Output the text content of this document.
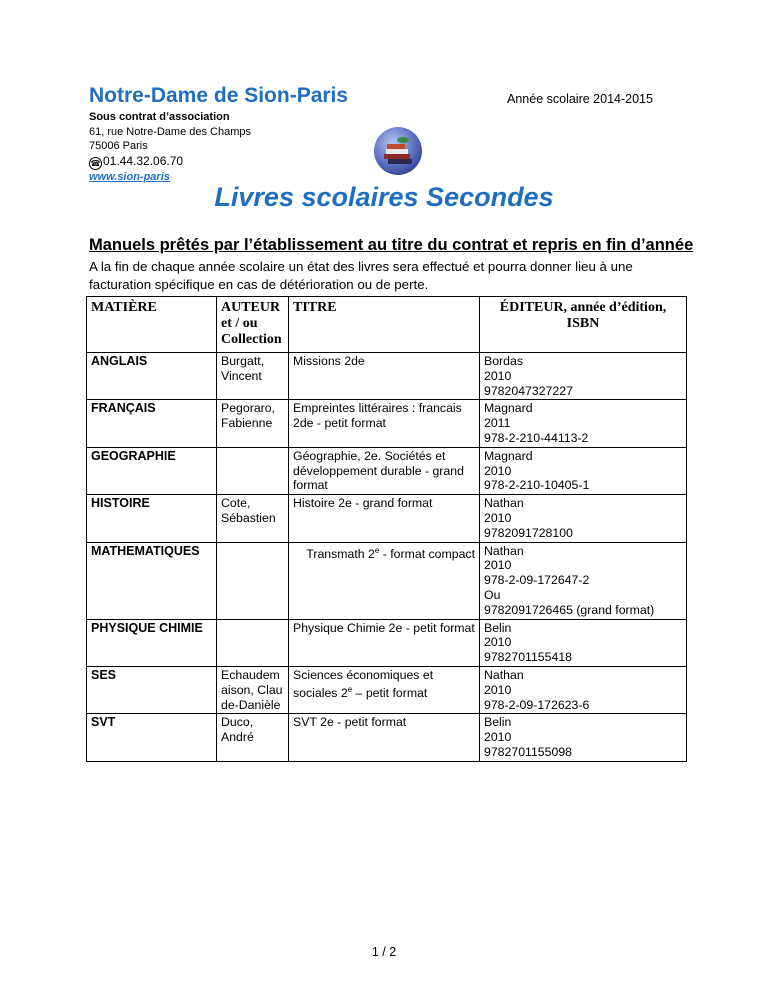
Notre-Dame de Sion-Paris	Année scolaire 2014-2015
Sous contrat d’association
61, rue Notre-Dame des Champs
75006 Paris
☎ 01.44.32.06.70
www.sion-paris
Livres scolaires Secondes
Manuels prêtés par l’établissement au titre du contrat et repris en fin d’année
A la fin de chaque année scolaire un état des livres sera effectué et pourra donner lieu à une facturation spécifique en cas de détérioration ou de perte.
MATIÈRE	AUTEUR et / ou Collection	TITRE	ÉDITEUR, année d’édition, ISBN
ANGLAIS	Burgatt, Vincent	Missions 2de	Bordas
2010
9782047327227
FRANÇAIS	Pegoraro, Fabienne	Empreintes littéraires : francais 2de - petit format	Magnard
2011
978-2-210-44113-2
GEOGRAPHIE		Géographie, 2e. Sociétés et développement durable - grand format	Magnard
2010
978-2-210-10405-1
HISTOIRE	Cote, Sébastien	Histoire 2e - grand format	Nathan
2010
9782091728100
MATHEMATIQUES		Transmath 2e - format compact	Nathan
2010
978-2-09-172647-2
Ou
9782091726465 (grand format)
PHYSIQUE CHIMIE		Physique Chimie 2e - petit format	Belin
2010
9782701155418
SES	Echaudemaison, Claude-Danièle	Sciences économiques et sociales 2e – petit format	Nathan
2010
978-2-09-172623-6
SVT	Duco, André	SVT 2e - petit format	Belin
2010
9782701155098
1 / 2
